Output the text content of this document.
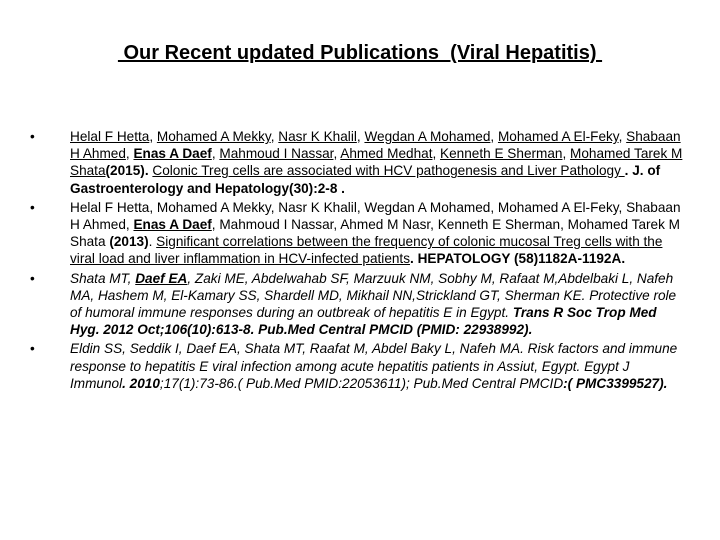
Our Recent updated Publications  (Viral Hepatitis)
•	Helal F Hetta, Mohamed A Mekky, Nasr K Khalil, Wegdan A Mohamed, Mohamed A El-Feky, Shabaan H Ahmed, Enas A Daef, Mahmoud I Nassar, Ahmed Medhat, Kenneth E Sherman, Mohamed Tarek M Shata(2015). Colonic Treg cells are associated with HCV pathogenesis and Liver Pathology . J. of Gastroenterology and Hepatology(30):2-8 .
•	Helal F Hetta, Mohamed A Mekky, Nasr K Khalil, Wegdan A Mohamed, Mohamed A El-Feky, Shabaan H Ahmed, Enas A Daef, Mahmoud I Nassar, Ahmed M Nasr, Kenneth E Sherman, Mohamed Tarek M Shata (2013). Significant correlations between the frequency of colonic mucosal Treg cells with the viral load and liver inflammation in HCV-infected patients. HEPATOLOGY (58)1182A-1192A.
•	Shata MT, Daef EA, Zaki ME, Abdelwahab SF, Marzuuk NM, Sobhy M, Rafaat M,Abdelbaki L, Nafeh MA, Hashem M, El-Kamary SS, Shardell MD, Mikhail NN,Strickland GT, Sherman KE. Protective role of humoral immune responses during an outbreak of hepatitis E in Egypt. Trans R Soc Trop Med Hyg. 2012 Oct;106(10):613-8. Pub.Med Central PMCID (PMID: 22938992).
•	Eldin SS, Seddik I, Daef EA, Shata MT, Raafat M, Abdel Baky L, Nafeh MA. Risk factors and immune response to hepatitis E viral infection among acute hepatitis patients in Assiut, Egypt. Egypt J Immunol. 2010;17(1):73-86.( Pub.Med PMID:22053611); Pub.Med Central PMCID:( PMC3399527).
